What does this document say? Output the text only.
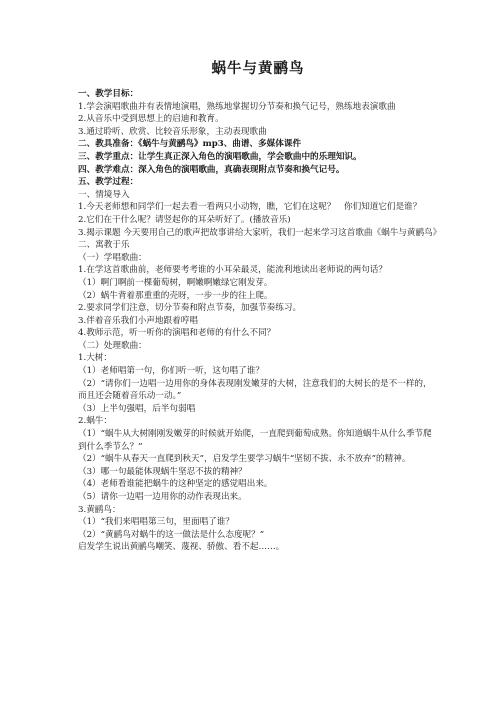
蜗牛与黄鹂鸟

一、教学目标：

1.学会演唱歌曲并有表情地演唱，熟练地掌握切分节奏和换气记号，熟练地表演歌曲

2.从音乐中受到思想上的启迪和教育。

3.通过聆听、欣赏、比较音乐形象，主动表现歌曲

二、教具准备：《蜗牛与黄鹂鸟》mp3、曲谱、多媒体课件

三、教学重点：让学生真正深入角色的演唱歌曲，学会歌曲中的乐理知识。

四、教学难点：深入角色的演唱歌曲，真确表现附点节奏和换气记号。

五、教学过程：

一、情境导入

1.今天老师想和同学们一起去看一看两只小动物，瞧，它们在这呢？　你们知道它们是谁？

2.它们在干什么呢？请竖起你的耳朵听好了。(播放音乐)

3.揭示课题 今天要用自己的歌声把故事讲给大家听，我们一起来学习这首歌曲《蜗牛与黄鹂鸟》

二、寓教于乐

（一）学唱歌曲：

1.在学这首歌曲前，老师要考考谁的小耳朵最灵，能流利地读出老师说的两句话？

（1）啊门啊前一棵葡萄树，啊嫩啊嫩绿它刚发芽。

（2）蜗牛背着那重重的壳呀，一步一步的往上爬。

2.要求同学们注意，切分节奏和附点节奏，加强节奏练习。

3.伴着音乐我们小声地跟着哼唱

4.教师示范，听一听你的演唱和老师的有什么不同？

（二）处理歌曲：

1.大树：

（1）老师唱第一句，你们听一听，这句唱了谁？

（2）“请你们一边唱一边用你的身体表现刚发嫩芽的大树，注意我们的大树长的是不一样的，而且还会随着音乐动一动。”

（3）上半句强唱，后半句弱唱

2.蜗牛：

（1）“蜗牛从大树刚刚发嫩芽的时候就开始爬，一直爬到葡萄成熟。你知道蜗牛从什么季节爬到什么季节么？”

（2）“蜗牛从春天一直爬到秋天”，启发学生要学习蜗牛“坚韧不拔、永不放弃”的精神。

（3）哪一句最能体现蜗牛坚忍不拔的精神？

（4）老师看谁能把蜗牛的这种坚定的感觉唱出来。

（5）请你一边唱一边用你的动作表现出来。

3.黄鹂鸟：

（1）“我们来唱唱第三句，里面唱了谁？

（2）“黄鹂鸟对蜗牛的这一做法是什么态度呢？”

启发学生说出黄鹂鸟嘲笑、蔑视、骄傲、看不起……。
